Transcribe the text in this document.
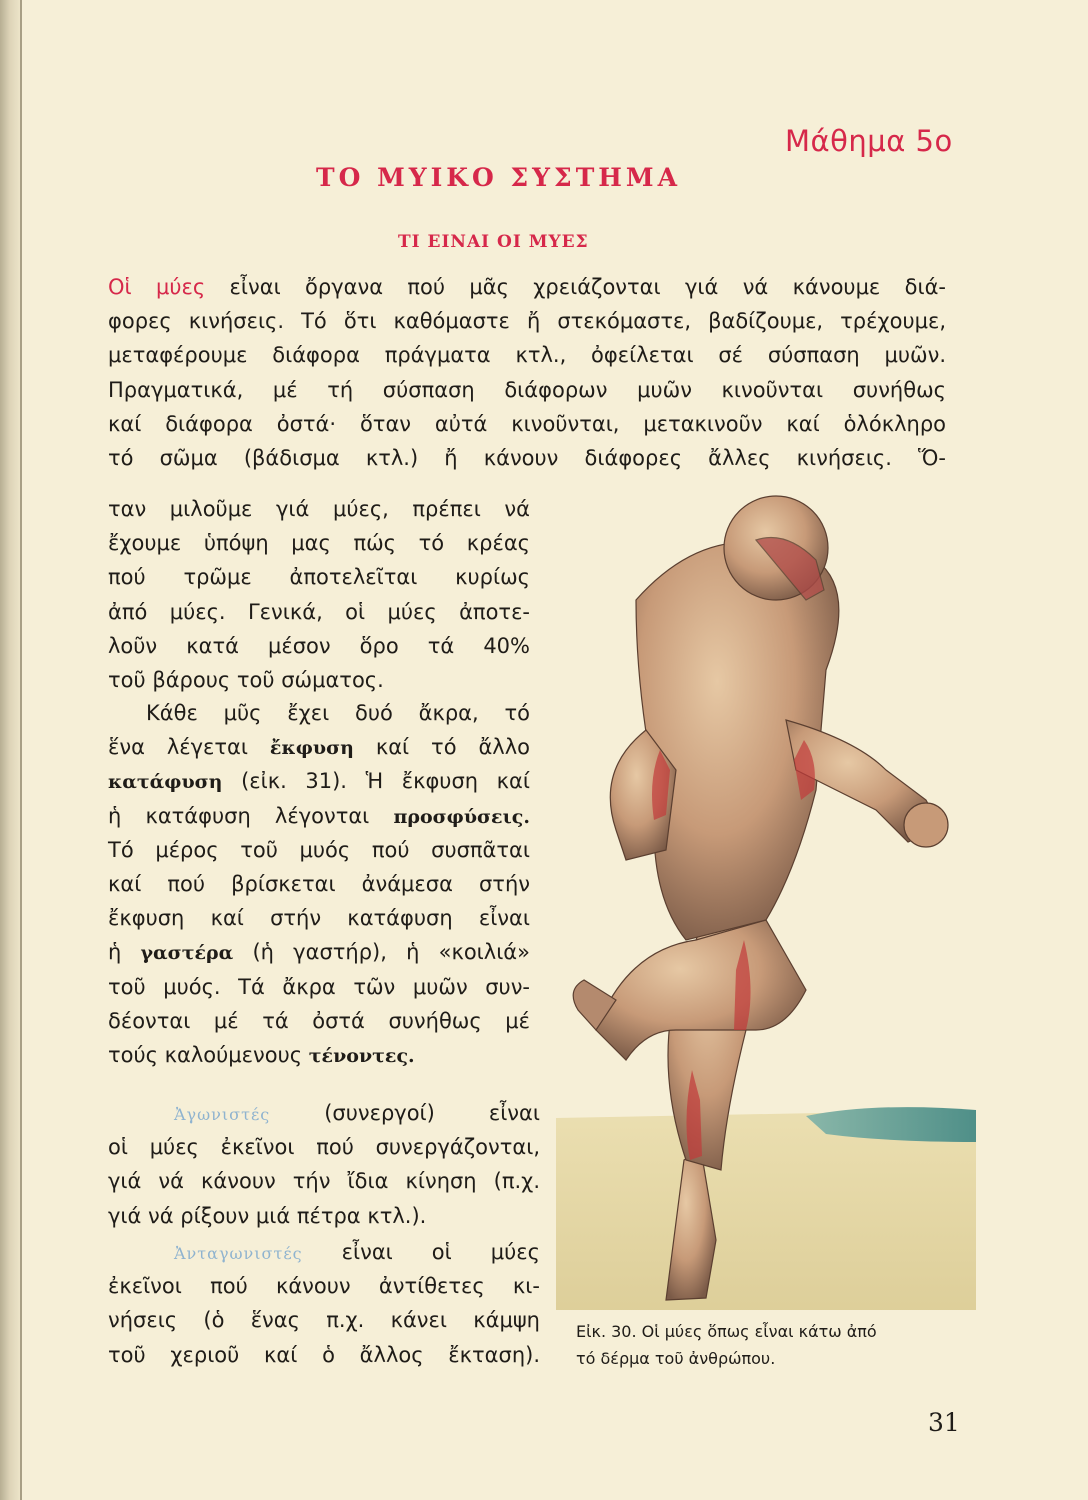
Μάθημα 5ο
ΤΟ ΜΥΙΚΟ ΣΥΣΤΗΜΑ
ΤΙ ΕΙΝΑΙ ΟΙ ΜΥΕΣ
Οἱ μύες εἶναι ὄργανα πού μᾶς χρειάζονται γιά νά κάνουμε διά-
φορες κινήσεις. Τό ὅτι καθόμαστε ἤ στεκόμαστε, βαδίζουμε, τρέχουμε,
μεταφέρουμε διάφορα πράγματα κτλ., ὀφείλεται σέ σύσπαση μυῶν.
Πραγματικά, μέ τή σύσπαση διάφορων μυῶν κινοῦνται συνήθως
καί διάφορα ὀστά· ὅταν αὐτά κινοῦνται, μετακινοῦν καί ὁλόκληρο
τό σῶμα (βάδισμα κτλ.) ἤ κάνουν διάφορες ἄλλες κινήσεις. Ὅ-
ταν μιλοῦμε γιά μύες, πρέπει νά
ἔχουμε ὑπόψη μας πώς τό κρέας
πού τρῶμε ἀποτελεῖται κυρίως
ἀπό μύες. Γενικά, οἱ μύες ἀποτε-
λοῦν κατά μέσον ὅρο τά 40%
τοῦ βάρους τοῦ σώματος.
Κάθε μῦς ἔχει δυό ἄκρα, τό
ἕνα λέγεται ἔκφυση καί τό ἄλλο
κατάφυση (εἰκ. 31). Ἡ ἔκφυση καί
ἡ κατάφυση λέγονται προσφύσεις.
Τό μέρος τοῦ μυός πού συσπᾶται
καί πού βρίσκεται ἀνάμεσα στήν
ἔκφυση καί στήν κατάφυση εἶναι
ἡ γαστέρα (ἡ γαστήρ), ἡ «κοιλιά»
τοῦ μυός. Τά ἄκρα τῶν μυῶν συν-
δέονται μέ τά ὀστά συνήθως μέ
τούς καλούμενους τένοντες.
Ἀγωνιστές	(συνεργοί) εἶναι
οἱ μύες ἐκεῖνοι πού συνεργάζονται,
γιά νά κάνουν τήν ἴδια κίνηση (π.χ.
γιά νά ρίξουν μιά πέτρα κτλ.).
Ἀνταγωνιστές εἶναι οἱ μύες
ἐκεῖνοι πού κάνουν ἀντίθετες κι-
νήσεις (ὁ ἕνας π.χ. κάνει κάμψη
τοῦ χεριοῦ καί ὁ ἄλλος ἔκταση).
Εἰκ. 30. Οἱ μύες ὅπως εἶναι κάτω ἀπό
τό δέρμα τοῦ ἀνθρώπου.
31
